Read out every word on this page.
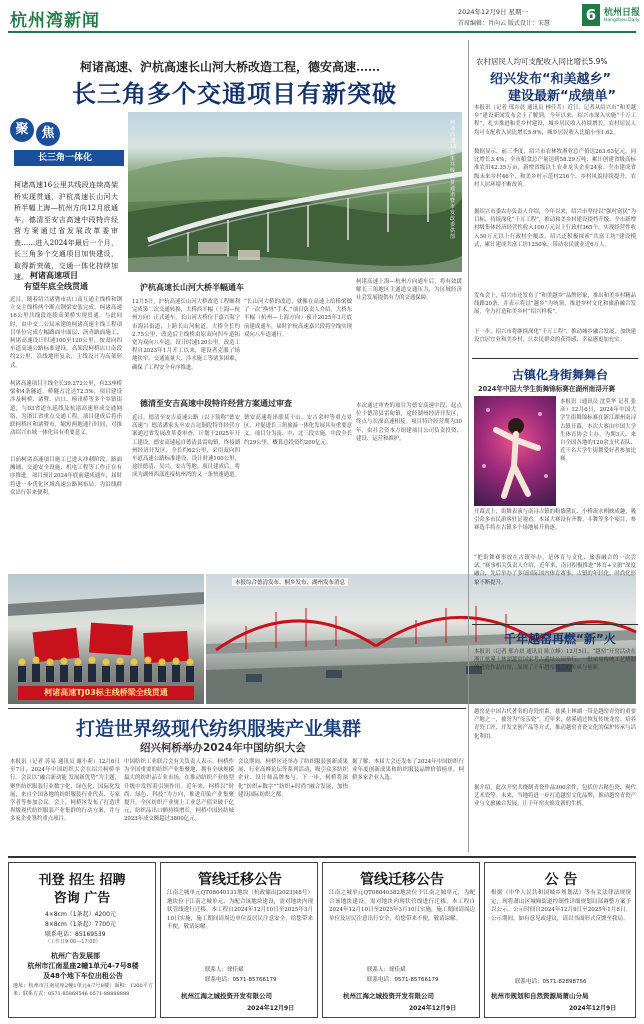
杭州湾新闻	2024年12月9日 星期一
首席编辑：肖向云 版式设计：宋慧 6 杭州日报
Hangzhou Daily
柯诸高速、沪杭高速长山河大桥改造工程，德安高速……
长三角多个交通项目有新突破
聚 焦
长三角一体化
柯诸高速16公里共线段连续高架桥实现贯通，沪杭高速长山河大桥半幅上海—杭州方向12月底通车，德清至安吉高速中段特许经营方案通过省发展改革委审查……进入2024年最后一个月，长三角多个交通项目加快建设，取得新突破，交通一体化持续加速。 柯诸高速项目
有望年底全线贯通
近日，随着绍兴诸暨市店口南互通主线桥和钢立交主线桥两个断点钢梁安装完成，柯诸高速16公里共线段连续高架桥实现贯通。与此同时，由中交二公局承建的柯诸高速主线工程项目单位完成左幅路面中面层、沥青路面施工，柯诸高速设计时速100至120公里，按双向四车道高速公路标准建设。高架段柯桥店口南段约2公里，沿线地形复杂，主线设计为高架形式。
柯诸高速项目主线全长39.272公里，有23座桥梁和4条隧道，桥隧占比达72.5%，项目建设涉及柯桥、诸暨、店口、杨汛桥等多个乡镇街道，与03省道东延线及杭诸高速形成交通网络，为浙江省重点交通工程。项目建成后将串联柯桥区和诸暨市，缩短两地通行时间，对推动绍兴市域一体化具有重要意义。
目前柯诸高速项目施工已进入冲刺阶段，路面摊铺、交通安全设施、机电工程等工作正在有序推进。项目预计2024年底前建成通车，届时将进一步优化区域高速公路网布局，为沿线群众出行带来便利。
柯诸高速16公里共线段贯通 诸暨市发改委供图
柯诸高速TJ03标主线桥梁全线贯通
本报综合德清发布、桐乡发布、湖州发布消息
沪杭高速长山河大桥半幅通车
12月5日，沪杭高速长山河大桥改造工程顺利完成第二次交通转换，大桥西半幅（上海—杭州方向）正式通车。长山河大桥位于嘉兴海宁市海昌街道，上跨长山河航道，大桥全长约2.75公里，改造后主线桥由原双向四车道拓宽为双向八车道，设计时速120公里。改造工程自2023年1月开工以来，建设者克服了场地狭窄、交通流量大、涉水施工等诸多困难，确保了工程安全有序推进。
“长山河大桥的改造，就像在高速上给桥梁做了一次“换骨”手术。”项目负责人介绍，大桥东半幅（杭州—上海方向）预计2025年3月底前建成通车，届时沪杭高速嘉兴段将全线实现双向八车道通行。
柯诸高速上海—杭州方向通车后，将有效缓解长三角地区主通道交通压力，为区域经济社会发展提供有力的交通保障。
德清至安吉高速中段特许经营方案通过审查
近日，德清至安吉高速公路（以下简称“德安高速”）德清潘家头至安吉昆铜段特许经营方案通过省发展改革委审查，计划于2025年开工建设。德安高速起自德清县雷甸镇，终接湖州经济开发区，全长约62公里，采用双向四车道高速公路标准建设，设计时速100公里，途经德清、吴兴、安吉等地。项目建成后，将成为湖州西部连接杭州湾的又一条快速通道。
德安高速将串联莫干山、安吉余村等重点景区，对促进长三角旅游一体化发展具有重要意义。项目分为南、中、北三段实施，中段全长约29公里，概算总投资约200亿元。
本次通过审查的项目为德安高速中段，起点位于德清县雷甸镇，途经湖州经济开发区，终点与长深高速相接。项目特许经营期为30年，由社会资本方组建项目公司负责投资、建设、运营和维护。
打造世界级现代纺织服装产业集群
绍兴柯桥举办2024年中国纺织大会
本报讯（记者 苏易 通讯员 谢小莉）12月6日至7日，2024年中国纺织大会在绍兴柯桥举行。会议以“融合新动能 发展新优势”为主题，聚焦纺织服装行业数字化、绿色化、国际化发展，来自全国各地的纺织服装行业代表、专家学者等参加会议。会上，柯桥区发布了打造世界级现代纺织服装产业集群的行动方案，并与多家企业签约重点项目。
中国纺织工业联合会有关负责人表示，柯桥作为全国重要的纺织产业集聚地，拥有全球规模最大的纺织品专业市场，在推动纺织产业转型升级中发挥着引领作用。近年来，柯桥以“时尚、绿色、科技”为方向，推进印染产业集聚提升，全区纺织产业规上工业总产值突破千亿元，纺织品出口额持续增长，柯桥中国轻纺城2023年成交额超过3800亿元。
会议期间，柯桥区还举办了纺织服装创新成果展、行业高峰论坛等系列活动，吸引众多纺织企业、设计师品牌参与。下一步，柯桥将深化“纺织+数字”“纺织+时尚”融合发展，加快建设国际纺织之都。
据了解，本届大会还发布了2024年中国纺织行业年度创新成果和纺织服装品牌价值榜单，柯桥多家企业入选。
农村居民人均可支配收入同比增长5.9%
绍兴发布“和美越乡”
建设最新“成绩单”
本报讯（记者 邢卉晨 通讯员 林佳茗）近日，记者从绍兴市“和美越乡”建设新闻发布会上了解到，今年以来，绍兴市深入实施“千万工程”，扎实推进和美乡村建设，城乡居民收入持续增长，农村居民人均可支配收入同比增长5.9%，城乡居民收入比缩小至1.62。
数据显示，前三季度，绍兴市农林牧渔业总产值达263.63亿元，同比增长3.4%；全市粮食总产量达到58.29万吨；累计创建省级高标准农田42.35万亩，新增省级以上农业龙头企业24家。全市建成省级未来乡村46个、和美乡村示范村216个，乡村风貌持续提升，农村人居环境不断改善。
据绍兴市委农办负责人介绍，今年以来，绍兴市坚持以“强村富民”为目标，持续深化“千万工程”，推动和美乡村建设提档升级。全市新增村级集体经济经营性收入100万元以上行政村365个，实现经营性收入50万元以上行政村全覆盖。绍兴还积极探索“共富工坊”建设模式，累计建成共富工坊1250家，带动农民就业近6万人。
发布会上，绍兴市还发布了“和美越乡”品牌形象，推出和美乡村精品线路20条，并表示将以“越乡”为统领，推进乡村文化和旅游融合发展，全力打造和美乡村“绍兴样板”。
下一步，绍兴市将继续深化“千万工程”，推动城乡融合发展，加快建设宜居宜业和美乡村，让农民群众的获得感、幸福感更加充实。
古镇化身街舞舞台
2024年中国大学生街舞锦标赛在湖州南浔开赛
本报讯（通讯员 沈莫华 记者 张彦）12月6日，2024年中国大学生街舞锦标赛在浙江湖州南浔古镇开幕，本次大赛由中国大学生体育协会主办，为期3天，来自全国各地的120余支代表队、近千名大学生街舞爱好者参加比赛。
开幕式上，街舞表演与南浔古镇的粉墙黛瓦、小桥流水相映成趣，吸引众多市民游客驻足观看。本届大赛设有齐舞、斗舞等多个项目，参赛选手将在古镇多个场地展开角逐。
“把街舞赛事放在古镇举办，是体育与文化、旅游融合的一次尝试。”赛事相关负责人介绍，近年来，南浔积极推进“体育+文旅”深度融合，先后举办了多项国际国内体育赛事，古镇的年轻化、时尚化形象不断提升。
千年越窑再燃“新”火
本报讯（记者 邢卉晨 通讯员 陈立峰）12月5日，“越窑”开窑活动在浙江慈溪上林湖越窑国家考古遗址公园举行。一批采用传统工艺烧制的青瓷作品出窑，展现了千年越窑技艺的传承与创新。
越窑是中国古代著名的青瓷窑系，慈溪上林湖一带是越窑青瓷的重要产地之一，被誉为“母亲瓷”。近年来，慈溪通过恢复传统龙窑、培养青瓷工匠、开发文创产品等方式，推动越窑青瓷文化的保护传承与活化利用。
据介绍，此次开窑共烧制青瓷作品300余件，包括仿古秘色瓷、现代艺术瓷等。未来，当地将进一步打造越窑文化品牌，推动越窑青瓷产业与文旅融合发展，让千年窑火焕发新的生机。
刊登 招生 招聘
咨询 广告
4×8cm（1条起）4200元
8×8cm（1条起）7700元
联系电话：85169539
（工作日9:00—17:00）
杭州广告发展部
杭州市江南星座2幢1单元4-7号8楼
及48个地下车位出租公告
地址：杭州市江南星座2幢1单元4-7号8楼；面积：1200平方米；联系方式：0571-85868546 0571-88888888
管线迁移公告
江南之城单元QT08040131地块（杭政储出[2023]48号）地块位于江南之城单元，为配合该地块建设，需对地块内现状管线进行迁移。本工程自2024年12月10日至2025年3月10日实施，施工期间请周边单位及居民注意安全，给您带来不便，敬请谅解。
联系人：徐佳斌
联系电话：0571-85766179
杭州江海之城投资开发有限公司
2024年12月9日
管线迁移公告
江南之城单元QT08040382地块位于江南之城单元，为配合该地块建设，需对地块内现状管线进行迁移。本工程自2024年12月10日至2025年3月10日实施，施工期间请周边单位及居民注意出行安全，给您带来不便，敬请谅解。
联系人：徐佳斌
联系电话：0571-85766179
杭州江海之城投资开发有限公司
2024年12月9日
公 告
根据《中华人民共和国城乡规划法》等有关法律法规规定，现将萧山区城厢街道控制性详细规划局部调整方案予以公示。公示时间自2024年12月9日至2025年1月8日。公示期间，如有意见或建议，请以书面形式反馈至我局。
联系电话：0571-82898756
杭州市规划和自然资源局萧山分局
2024年12月9日
